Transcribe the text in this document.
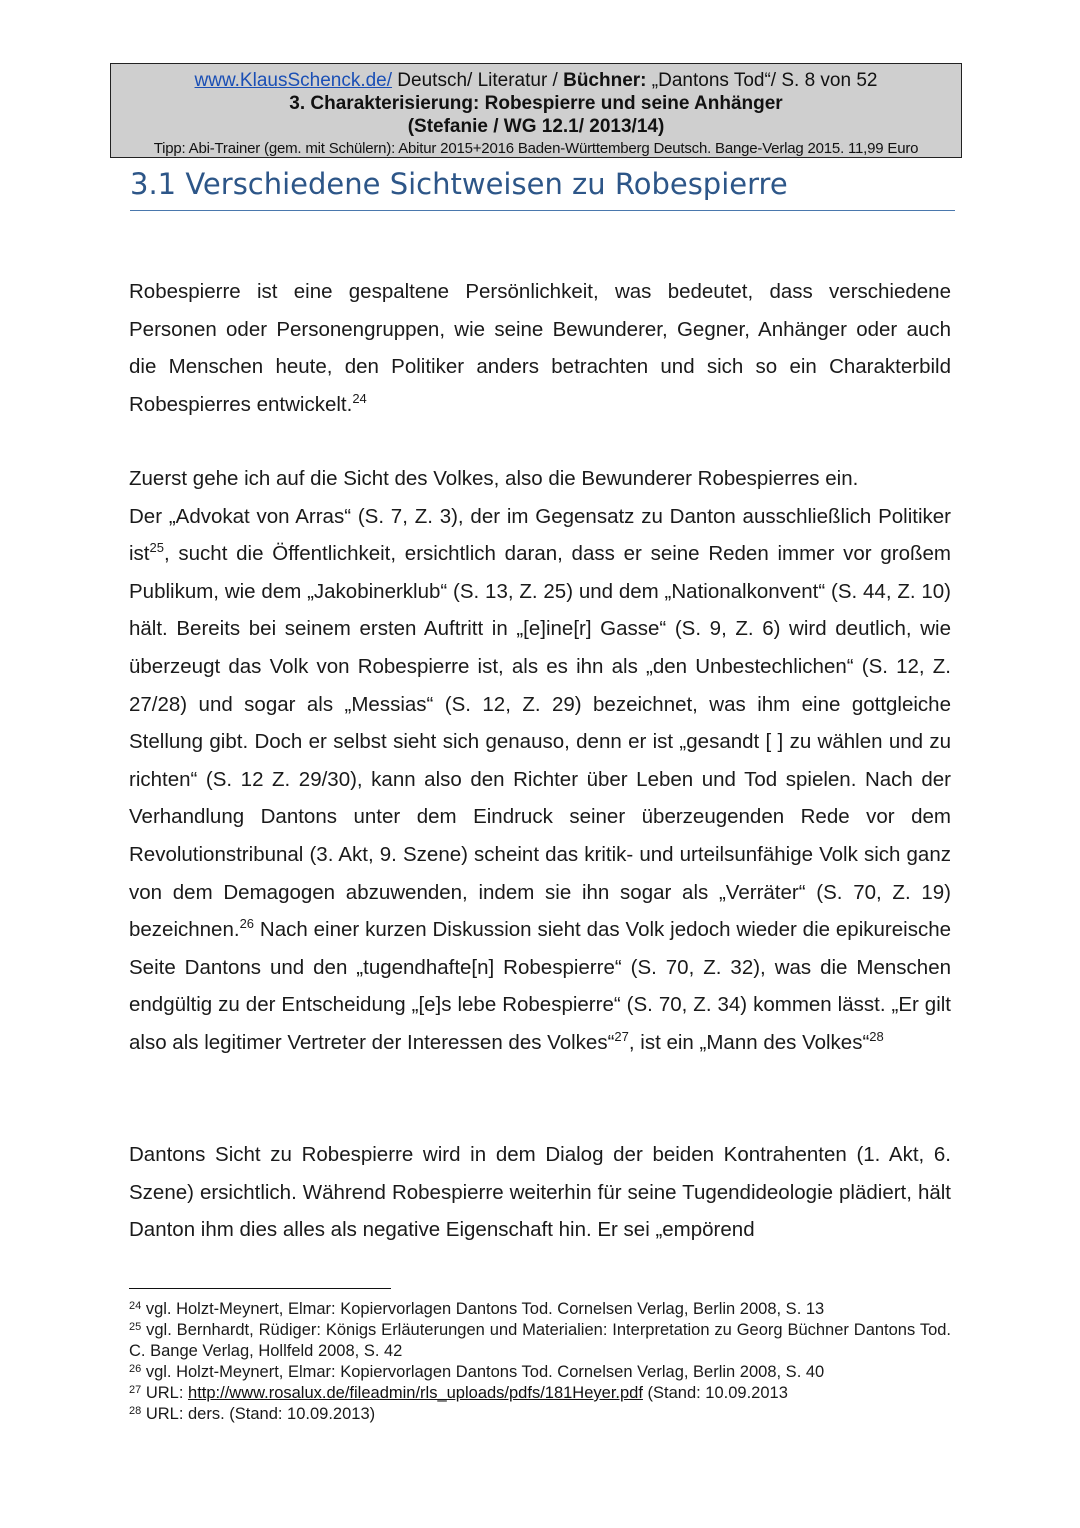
www.KlausSchenck.de/ Deutsch/ Literatur / Büchner: „Dantons Tod“/ S. 8 von 52
3. Charakterisierung: Robespierre und seine Anhänger
(Stefanie / WG 12.1/ 2013/14)
Tipp: Abi-Trainer (gem. mit Schülern): Abitur 2015+2016 Baden-Württemberg Deutsch. Bange-Verlag 2015. 11,99 Euro
3.1 Verschiedene Sichtweisen zu Robespierre

Robespierre ist eine gespaltene Persönlichkeit, was bedeutet, dass verschiedene Personen oder Personengruppen, wie seine Bewunderer, Gegner, Anhänger oder auch die Menschen heute, den Politiker anders betrachten und sich so ein Charakterbild Robespierres entwickelt.$^{24}$

Zuerst gehe ich auf die Sicht des Volkes, also die Bewunderer Robespierres ein.

Der „Advokat von Arras“ (S. 7, Z. 3), der im Gegensatz zu Danton ausschließlich Politiker ist$^{25}$, sucht die Öffentlichkeit, ersichtlich daran, dass er seine Reden immer vor großem Publikum, wie dem „Jakobinerklub“ (S. 13, Z. 25) und dem „Nationalkonvent“ (S. 44, Z. 10) hält. Bereits bei seinem ersten Auftritt in „[e]ine[r] Gasse“ (S. 9, Z. 6) wird deutlich, wie überzeugt das Volk von Robespierre ist, als es ihn als „den Unbestechlichen“ (S. 12, Z. 27/28) und sogar als „Messias“ (S. 12, Z. 29) bezeichnet, was ihm eine gottgleiche Stellung gibt. Doch er selbst sieht sich genauso, denn er ist „gesandt [ ] zu wählen und zu richten“ (S. 12 Z. 29/30), kann also den Richter über Leben und Tod spielen. Nach der Verhandlung Dantons unter dem Eindruck seiner überzeugenden Rede vor dem Revolutionstribunal (3. Akt, 9. Szene) scheint das kritik- und urteilsunfähige Volk sich ganz von dem Demagogen abzuwenden, indem sie ihn sogar als „Verräter“ (S. 70, Z. 19) bezeichnen.$^{26}$ Nach einer kurzen Diskussion sieht das Volk jedoch wieder die epikureische Seite Dantons und den „tugendhafte[n] Robespierre“ (S. 70, Z. 32), was die Menschen endgültig zu der Entscheidung „[e]s lebe Robespierre“ (S. 70, Z. 34) kommen lässt. „Er gilt also als legitimer Vertreter der Interessen des Volkes“$^{27}$, ist ein „Mann des Volkes“$^{28}$

Dantons Sicht zu Robespierre wird in dem Dialog der beiden Kontrahenten (1. Akt, 6. Szene) ersichtlich. Während Robespierre weiterhin für seine Tugendideologie plädiert, hält Danton ihm dies alles als negative Eigenschaft hin. Er sei „empörend

$^{24}$ vgl. Holzt-Meynert, Elmar: Kopiervorlagen Dantons Tod. Cornelsen Verlag, Berlin 2008, S. 13

$^{25}$ vgl. Bernhardt, Rüdiger: Königs Erläuterungen und Materialien: Interpretation zu Georg Büchner Dantons Tod. C. Bange Verlag, Hollfeld 2008, S. 42

$^{26}$ vgl. Holzt-Meynert, Elmar: Kopiervorlagen Dantons Tod. Cornelsen Verlag, Berlin 2008, S. 40

$^{27}$ URL: http://www.rosalux.de/fileadmin/rls_uploads/pdfs/181Heyer.pdf (Stand: 10.09.2013

$^{28}$ URL: ders. (Stand: 10.09.2013)
